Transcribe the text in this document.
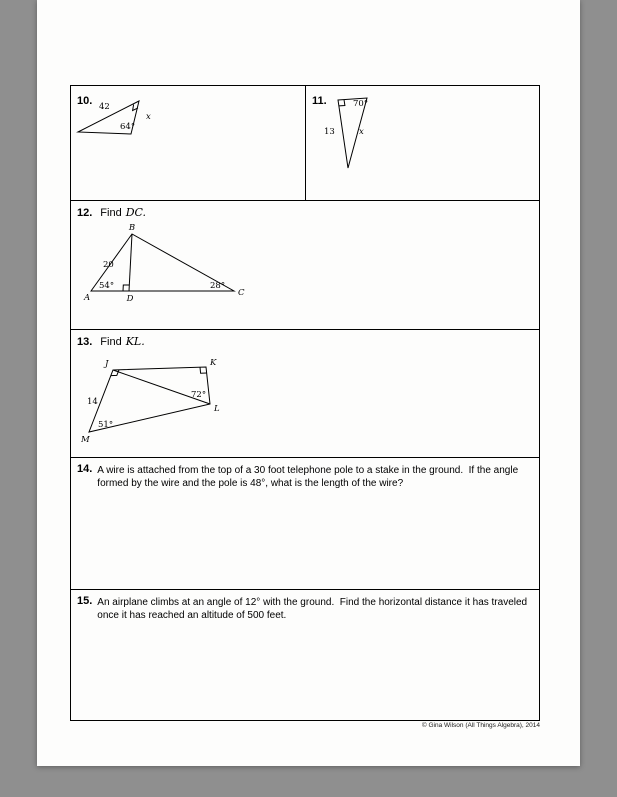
10. 42
x
64°
11.	70°
13	x
12. Find DC.
B
A	D
C
20
54°	28°
13. Find KL.
J	K
L
M
14
51°
72°
14. A wire is attached from the top of a 30 foot telephone pole to a stake in the ground.  If the angle formed by the wire and the pole is 48°, what is the length of the wire?
15. An airplane climbs at an angle of 12° with the ground.  Find the horizontal distance it has traveled once it has reached an altitude of 500 feet.
© Gina Wilson (All Things Algebra), 2014
